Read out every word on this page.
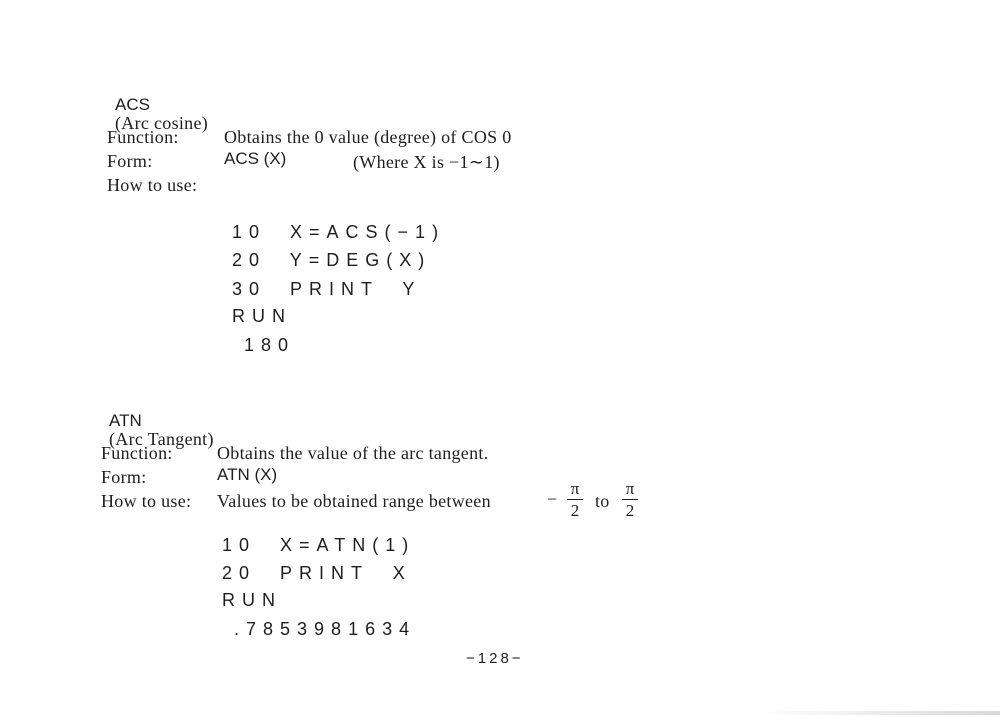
ACS
(Arc cosine)

Function:	Obtains the 0 value (degree) of COS 0
Form:	ACS (X)	(Where X is −1∼1)
How to use:
10  X=ACS(−1)
20  Y=DEG(X)
30  PRINT  Y
RUN
180

ATN
(Arc Tangent)

Function: Obtains the value of the arc tangent.
Form:	ATN (X)
How to use: Values to be obtained range between	−
π
2 to
π
2
10  X=ATN(1)
20  PRINT  X
RUN
.7853981634
−128−
